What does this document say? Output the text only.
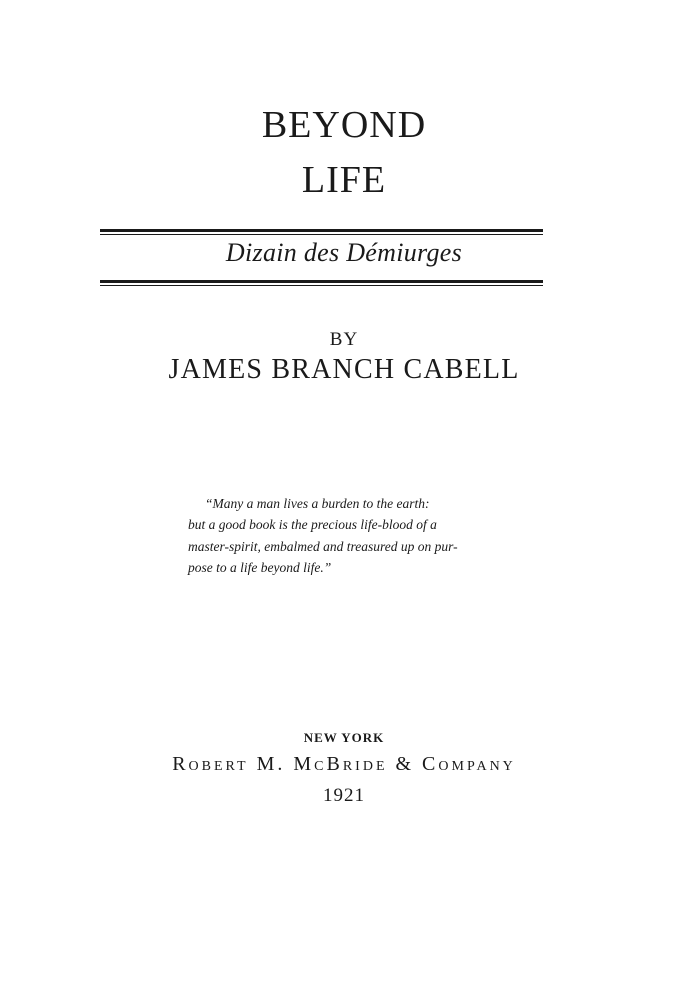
BEYOND
LIFE
Dizain des Démiurges
BY
JAMES BRANCH CABELL
“Many a man lives a burden to the earth:
but a good book is the precious life-blood of a
master-spirit, embalmed and treasured up on pur-
pose to a life beyond life.”
NEW YORK
Robert M. McBride & Company
1921
